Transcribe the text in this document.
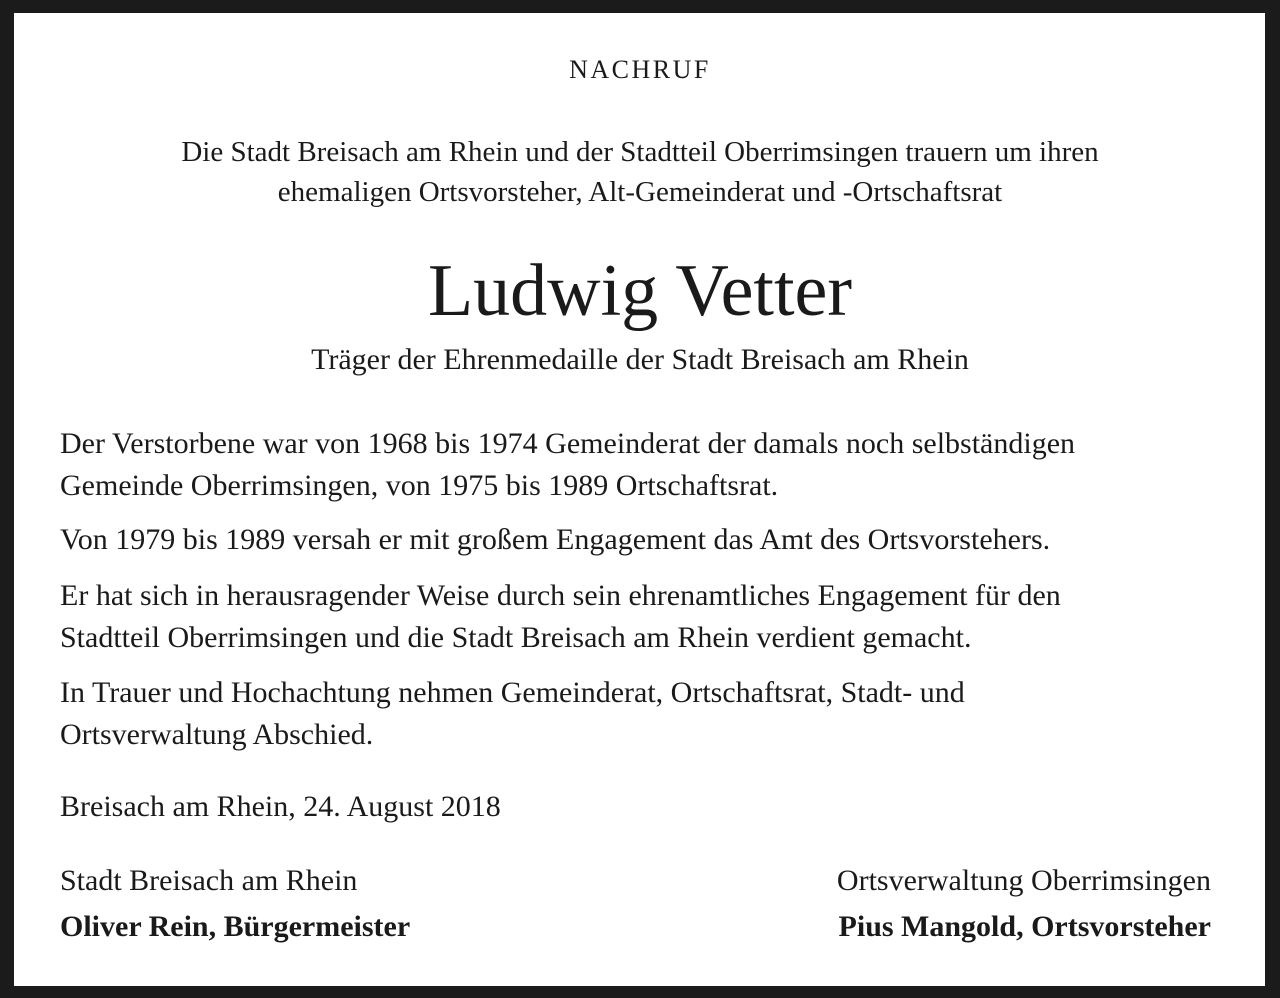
NACHRUF
Die Stadt Breisach am Rhein und der Stadtteil Oberrimsingen trauern um ihren
ehemaligen Ortsvorsteher, Alt-Gemeinderat und -Ortschaftsrat
Ludwig Vetter
Träger der Ehrenmedaille der Stadt Breisach am Rhein
Der Verstorbene war von 1968 bis 1974 Gemeinderat der damals noch selbständigen
Gemeinde Oberrimsingen, von 1975 bis 1989 Ortschaftsrat.
Von 1979 bis 1989 versah er mit großem Engagement das Amt des Ortsvorstehers.
Er hat sich in herausragender Weise durch sein ehrenamtliches Engagement für den
Stadtteil Oberrimsingen und die Stadt Breisach am Rhein verdient gemacht.
In Trauer und Hochachtung nehmen Gemeinderat, Ortschaftsrat, Stadt- und
Ortsverwaltung Abschied.
Breisach am Rhein, 24. August 2018
Stadt Breisach am Rhein
Oliver Rein, Bürgermeister
Ortsverwaltung Oberrimsingen
Pius Mangold, Ortsvorsteher
